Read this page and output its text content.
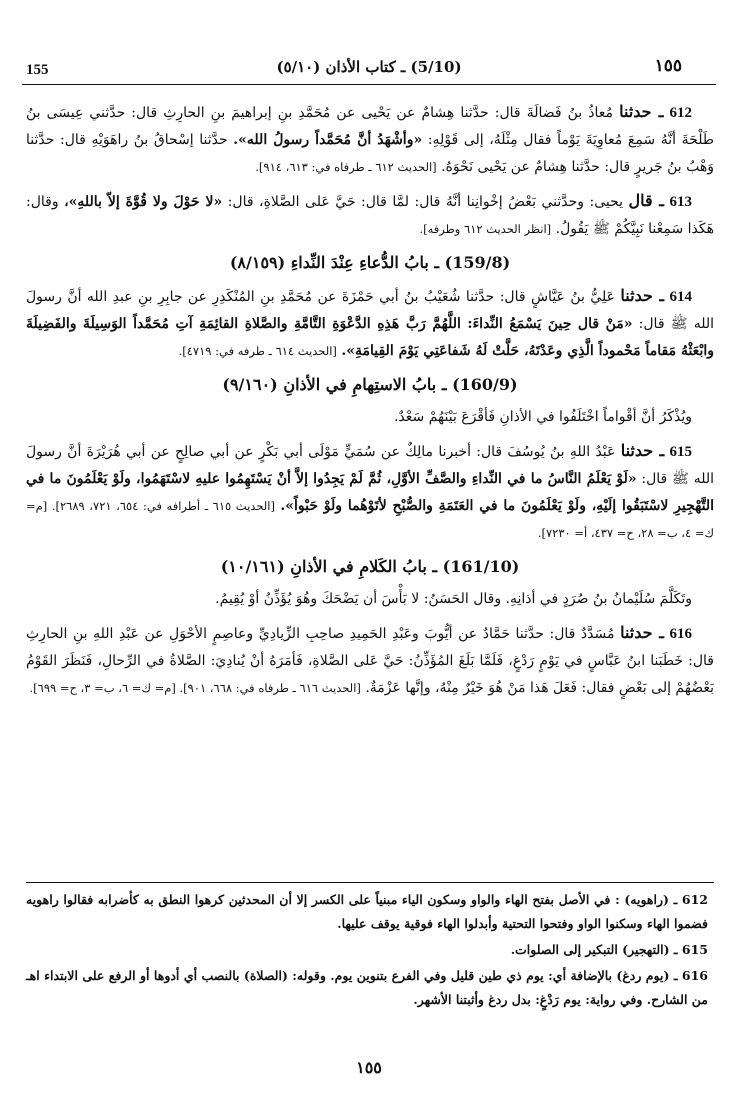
155	(5/10) ـ كتاب الأذان (٥/١٠)	١٥٥

612 ـ حدثنا مُعاذُ بنُ فَضالَةَ قال: حدَّثنا هِشامٌ عن يَحْيى عن مُحَمَّدِ بنِ إبراهيمَ بنِ الحارِثِ قال: حدَّثني عِيسَى بنُ طَلْحَةَ أنَّهُ سَمِعَ مُعاوِيَةَ يَوْماً فقال مِثْلَهُ، إلى قَوْلِهِ: «وأشْهَدُ أنَّ مُحَمَّداً رسولُ الله». حدَّثنا إسْحاقُ بنُ راهَوَيْهِ قال: حدَّثنا وَهْبُ بنُ جَريرٍ قال: حدَّثنا هِشامٌ عن يَحْيى نَحْوَهُ. [الحديث ٦١٢ ـ طرفاه في: ٦١٣، ٩١٤].

613 ـ قال يحيى: وحدَّثني بَعْضُ إخْوانِنا أنَّهُ قال: لمَّا قال: حَيَّ عَلى الصَّلاةِ، قال: «لا حَوْلَ ولا قُوَّةَ إلاّ باللهِ»، وقال: هَكَذا سَمِعْنا نَبِيَّكُمْ ﷺ يَقُولُ. [انظر الحديث ٦١٢ وطرفه].

(159/8) ـ بابُ الدُّعاءِ عِنْدَ النِّداءِ (٨/١٥٩)

614 ـ حدثنا عَلِيُّ بنُ عَيَّاشٍ قال: حدَّثنا شُعَيْبُ بنُ أبي حَمْزَةَ عن مُحَمَّدِ بنِ المُنْكَدِرِ عن جابِرِ بنِ عبدِ الله أنَّ رسولَ الله ﷺ قال: «مَنْ قال حِينَ يَسْمَعُ النِّداءَ: اللَّهُمَّ رَبَّ هَذِهِ الدَّعْوَةِ التَّامَّةِ والصَّلاةِ القائِمَةِ آتِ مُحَمَّداً الوَسِيلَةَ والفَضِيلَةَ وابْعَثْهُ مَقاماً مَحْموداً الَّذِي وعَدْتَهُ، حَلَّتْ لَهُ شَفاعَتِي يَوْمَ القِيامَةِ». [الحديث ٦١٤ ـ طرفه في: ٤٧١٩].

(160/9) ـ بابُ الاستِهامِ في الأذانِ (٩/١٦٠)

ويُذْكَرُ أنَّ أقْواماً اخْتَلَفُوا في الأذانِ فَأقْرَعَ بَيْنَهُمْ سَعْدٌ.

615 ـ حدثنا عَبْدُ اللهِ بنُ يُوسُفَ قال: أخبرنا مالِكٌ عن سُمَيٍّ مَوْلَى أبي بَكْرٍ عن أبي صالِحٍ عن أبي هُرَيْرَةَ أنَّ رسولَ الله ﷺ قال: «لَوْ يَعْلَمُ النَّاسُ ما في النِّداءِ والصَّفِّ الأوَّلِ، ثُمَّ لَمْ يَجِدُوا إلاَّ أنْ يَسْتَهِمُوا عليهِ لاسْتَهَمُوا، ولَوْ يَعْلَمُونَ ما في التَّهْجِيرِ لاسْتَبَقُوا إلَيْهِ، ولَوْ يَعْلَمُونَ ما في العَتَمَةِ والصُّبْحِ لأتَوْهُما ولَوْ حَبْواً». [الحديث ٦١٥ ـ أطرافه في: ٦٥٤، ٧٢١، ٢٦٨٩]. [م= ك= ٤، ب= ٢٨، ح= ٤٣٧، أ= ٧٢٣٠].

(161/10) ـ بابُ الكَلامِ في الأذانِ (١٠/١٦١)

وتَكَلَّمَ سُلَيْمانُ بنُ صُرَدٍ في أذانِهِ. وقال الحَسَنُ: لا بَأْسَ أن يَضْحَكَ وهُوَ يُؤَذِّنُ أوْ يُقِيمُ.

616 ـ حدثنا مُسَدَّدٌ قال: حدَّثنا حَمَّادٌ عن أيُّوبَ وعَبْدِ الحَمِيدِ صاحِبِ الزِّيادِيِّ وعاصِمٍ الأحْوَلِ عن عَبْدِ اللهِ بنِ الحارِثِ قال: خَطَبَنا ابنُ عَبَّاسٍ في يَوْمٍ رَدْغٍ، فَلَمَّا بَلَغَ المُؤَذِّنُ: حَيَّ عَلى الصَّلاةِ، فَأمَرَهُ أنْ يُنادِيَ: الصَّلاةُ في الرِّحالِ، فَنَظَرَ القَوْمُ بَعْضُهُمْ إلى بَعْضٍ فقال: فَعَلَ هَذا مَنْ هُوَ خَيْرٌ مِنْهُ، وإنَّها عَزْمَةٌ. [الحديث ٦١٦ ـ طرفاه في: ٦٦٨، ٩٠١]. [م= ك= ٦، ب= ٣، ح= ٦٩٩].

612 ـ (راهويه) : في الأصل بفتح الهاء والواو وسكون الياء مبنياً على الكسر إلا أن المحدثين كرهوا النطق به كأضرابه فقالوا راهويه فضموا الهاء وسكنوا الواو وفتحوا التحتية وأبدلوا الهاء فوقية يوقف عليها.

615 ـ (التهجير) التبكير إلى الصلوات.

616 ـ (يوم ردغ) بالإضافة أي: يوم ذي طين قليل وفي الفرع بتنوين يوم. وقوله: (الصلاة) بالنصب أي أدوها أو الرفع على الابتداء اهـ من الشارح. وفي رواية: يوم رَدْغٍ: بدل ردغ وأثبتنا الأشهر.

١٥٥
